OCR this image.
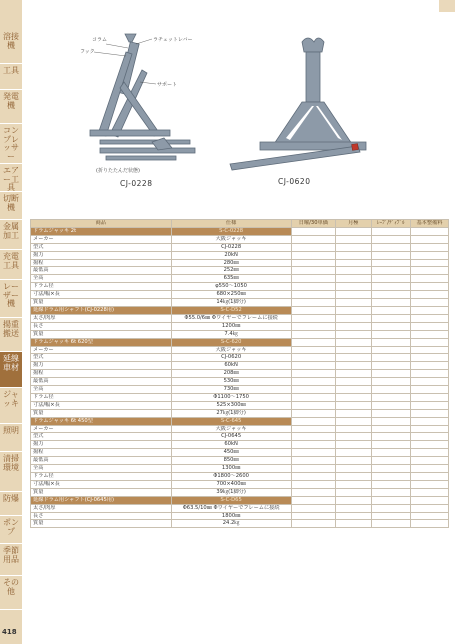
溶接機
工具
発電機
コンプレッサー
エアー工具
切断機
金属加工
充電工具
レーザー機
揚重搬送
延線車材
ジャッキ
照明
清掃環境
防爆
ポンプ
季節用品
その他
418
コラム	ラチェットレバー
フック
サポート
(折りたたんだ状態)
CJ-0228	CJ-0620
商品	仕様	日曜/30単価	月極	ﾚｰﾌﾟ/ﾃﾞｨﾌﾞﾙ	基本整備料
ドラムジャッキ 2t	S-C-0228				
メーカー	大阪ジャッキ				
型式	CJ-0228				
揚力	20kN				
揚程	280㎜				
最低高	252㎜				
全高	635㎜				
ドラム径	φ550～1050				
寸法/幅×長	680×250㎜				
質量	14㎏(1脚分)				
延線ドラム用シャフト(CJ-0228用)	S-C-D52				
太さ/肉厚	Φ55.0/6㎜ Φワイヤーでフレームに接続				
長さ	1200㎜				
質量	7.4㎏				
ドラムジャッキ 6t 620型	S-C-620				
メーカー	大阪ジャッキ				
型式	CJ-0620				
揚力	60kN				
揚程	208㎜				
最低高	530㎜				
全高	730㎜				
ドラム径	Φ1100～1750				
寸法/幅×長	525×300㎜				
質量	27㎏(1脚分)				
ドラムジャッキ 6t 450型	S-C-645				
メーカー	大阪ジャッキ				
型式	CJ-0645				
揚力	60kN				
揚程	450㎜				
最低高	850㎜				
全高	1300㎜				
ドラム径	Φ1800～2600				
寸法/幅×長	700×400㎜				
質量	39㎏(1脚分)				
延線ドラム用シャフト(CJ-0645用)	S-C-D65				
太さ/肉厚	Φ63.5/10㎜ Φワイヤーでフレームに接続				
長さ	1800㎜				
質量	24.2㎏				
